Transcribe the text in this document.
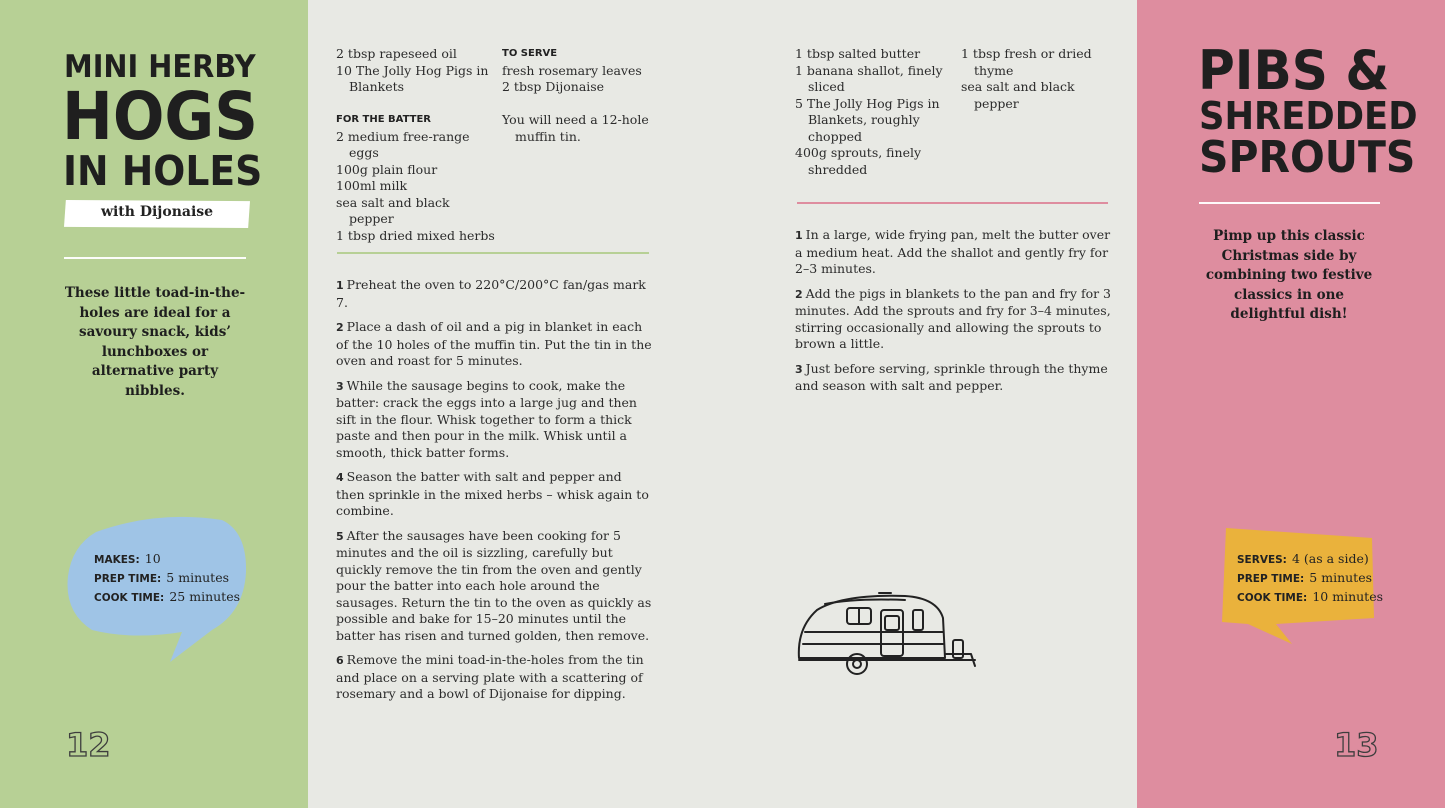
MINI HERBY
HOGS
IN HOLES
with Dijonaise
These little toad-in-the-holes are ideal for a savoury snack, kids’ lunchboxes or alternative party nibbles.
MAKES: 10
PREP TIME: 5 minutes
COOK TIME: 25 minutes
12

2 tbsp rapeseed oil

10 The Jolly Hog Pigs in Blankets

FOR THE BATTER

2 medium free-range eggs

100g plain flour

100ml milk

sea salt and black pepper

1 tbsp dried mixed herbs

TO SERVE

fresh rosemary leaves

2 tbsp Dijonaise

You will need a 12-hole muffin tin.

1 Preheat the oven to 220°C/200°C fan/gas mark 7.

2 Place a dash of oil and a pig in blanket in each of the 10 holes of the muffin tin. Put the tin in the oven and roast for 5 minutes.

3 While the sausage begins to cook, make the batter: crack the eggs into a large jug and then sift in the flour. Whisk together to form a thick paste and then pour in the milk. Whisk until a smooth, thick batter forms.

4 Season the batter with salt and pepper and then sprinkle in the mixed herbs – whisk again to combine.

5 After the sausages have been cooking for 5 minutes and the oil is sizzling, carefully but quickly remove the tin from the oven and gently pour the batter into each hole around the sausages. Return the tin to the oven as quickly as possible and bake for 15–20 minutes until the batter has risen and turned golden, then remove.

6 Remove the mini toad-in-the-holes from the tin and place on a serving plate with a scattering of rosemary and a bowl of Dijonaise for dipping.

1 tbsp salted butter

1 banana shallot, finely sliced

5 The Jolly Hog Pigs in Blankets, roughly chopped

400g sprouts, finely shredded

1 tbsp fresh or dried thyme

sea salt and black pepper

1 In a large, wide frying pan, melt the butter over a medium heat. Add the shallot and gently fry for 2–3 minutes.

2 Add the pigs in blankets to the pan and fry for 3 minutes. Add the sprouts and fry for 3–4 minutes, stirring occasionally and allowing the sprouts to brown a little.

3 Just before serving, sprinkle through the thyme and season with salt and pepper.

PIBS &
SHREDDED
SPROUTS
Pimp up this classic Christmas side by combining two festive classics in one delightful dish!
SERVES: 4 (as a side)
PREP TIME: 5 minutes
COOK TIME: 10 minutes
13
